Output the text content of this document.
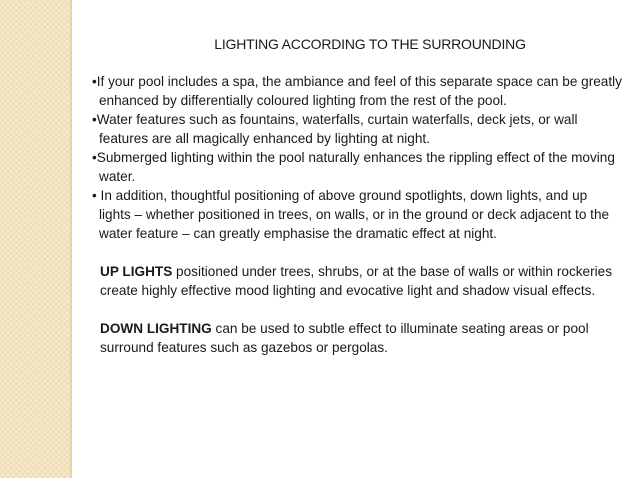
LIGHTING ACCORDING TO THE SURROUNDING

•If your pool includes a spa, the ambiance and feel of this separate space can be greatly enhanced by differentially coloured lighting from the rest of the pool.

•Water features such as fountains, waterfalls, curtain waterfalls, deck jets, or wall features are all magically enhanced by lighting at night.

•Submerged lighting within the pool naturally enhances the rippling effect of the moving water.

• In addition, thoughtful positioning of above ground spotlights, down lights, and up lights – whether positioned in trees, on walls, or in the ground or deck adjacent to the water feature – can greatly emphasise the dramatic effect at night.

UP LIGHTS positioned under trees, shrubs, or at the base of walls or within rockeries create highly effective mood lighting and evocative light and shadow visual effects.

DOWN LIGHTING can be used to subtle effect to illuminate seating areas or pool surround features such as gazebos or pergolas.
